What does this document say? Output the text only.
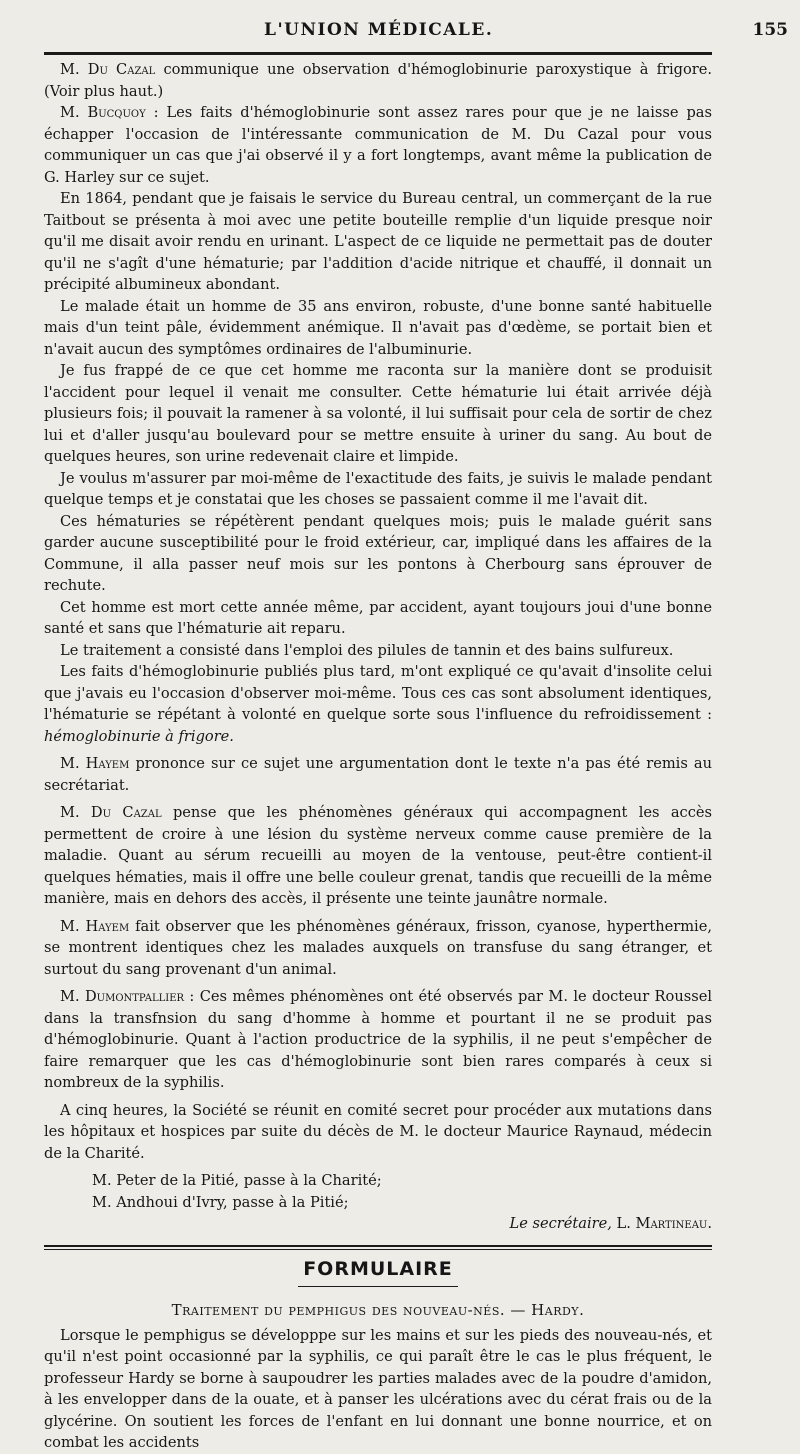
L'UNION MÉDICALE.	155

M. Du Cazal communique une observation d'hémoglobinurie paroxystique à frigore. (Voir plus haut.)

M. Bucquoy : Les faits d'hémoglobinurie sont assez rares pour que je ne laisse pas échapper l'occasion de l'intéressante communication de M. Du Cazal pour vous communiquer un cas que j'ai observé il y a fort longtemps, avant même la publication de G. Harley sur ce sujet.

En 1864, pendant que je faisais le service du Bureau central, un commerçant de la rue Taitbout se présenta à moi avec une petite bouteille remplie d'un liquide presque noir qu'il me disait avoir rendu en urinant. L'aspect de ce liquide ne permettait pas de douter qu'il ne s'agît d'une hématurie; par l'addition d'acide nitrique et chauffé, il donnait un précipité albumineux abondant.

Le malade était un homme de 35 ans environ, robuste, d'une bonne santé habituelle mais d'un teint pâle, évidemment anémique. Il n'avait pas d'œdème, se portait bien et n'avait aucun des symptômes ordinaires de l'albuminurie.

Je fus frappé de ce que cet homme me raconta sur la manière dont se produisit l'accident pour lequel il venait me consulter. Cette hématurie lui était arrivée déjà plusieurs fois; il pouvait la ramener à sa volonté, il lui suffisait pour cela de sortir de chez lui et d'aller jusqu'au boulevard pour se mettre ensuite à uriner du sang. Au bout de quelques heures, son urine redevenait claire et limpide.

Je voulus m'assurer par moi-même de l'exactitude des faits, je suivis le malade pendant quelque temps et je constatai que les choses se passaient comme il me l'avait dit.

Ces hématuries se répétèrent pendant quelques mois; puis le malade guérit sans garder aucune susceptibilité pour le froid extérieur, car, impliqué dans les affaires de la Commune, il alla passer neuf mois sur les pontons à Cherbourg sans éprouver de rechute.

Cet homme est mort cette année même, par accident, ayant toujours joui d'une bonne santé et sans que l'hématurie ait reparu.

Le traitement a consisté dans l'emploi des pilules de tannin et des bains sulfureux.

Les faits d'hémoglobinurie publiés plus tard, m'ont expliqué ce qu'avait d'insolite celui que j'avais eu l'occasion d'observer moi-même. Tous ces cas sont absolument identiques, l'hématurie se répétant à volonté en quelque sorte sous l'influence du refroidissement : hémoglobinurie à frigore.

M. Hayem prononce sur ce sujet une argumentation dont le texte n'a pas été remis au secrétariat.

M. Du Cazal pense que les phénomènes généraux qui accompagnent les accès permettent de croire à une lésion du système nerveux comme cause première de la maladie. Quant au sérum recueilli au moyen de la ventouse, peut-être contient-il quelques hématies, mais il offre une belle couleur grenat, tandis que recueilli de la même manière, mais en dehors des accès, il présente une teinte jaunâtre normale.

M. Hayem fait observer que les phénomènes généraux, frisson, cyanose, hyperthermie, se montrent identiques chez les malades auxquels on transfuse du sang étranger, et surtout du sang provenant d'un animal.

M. Dumontpallier : Ces mêmes phénomènes ont été observés par M. le docteur Roussel dans la transfnsion du sang d'homme à homme et pourtant il ne se produit pas d'hémoglobinurie. Quant à l'action productrice de la syphilis, il ne peut s'empêcher de faire remarquer que les cas d'hémoglobinurie sont bien rares comparés à ceux si nombreux de la syphilis.

A cinq heures, la Société se réunit en comité secret pour procéder aux mutations dans les hôpitaux et hospices par suite du décès de M. le docteur Maurice Raynaud, médecin de la Charité.

M. Peter de la Pitié, passe à la Charité;

M. Andhoui d'Ivry, passe à la Pitié;

Le secrétaire, L. Martineau.

FORMULAIRE
Traitement du pemphigus des nouveau-nés. — Hardy.

Lorsque le pemphigus se développpe sur les mains et sur les pieds des nouveau-nés, et qu'il n'est point occasionné par la syphilis, ce qui paraît être le cas le plus fréquent, le professeur Hardy se borne à saupoudrer les parties malades avec de la poudre d'amidon, à les envelopper dans de la ouate, et à panser les ulcérations avec du cérat frais ou de la glycérine. On soutient les forces de l'enfant en lui donnant une bonne nourrice, et on combat les accidents
